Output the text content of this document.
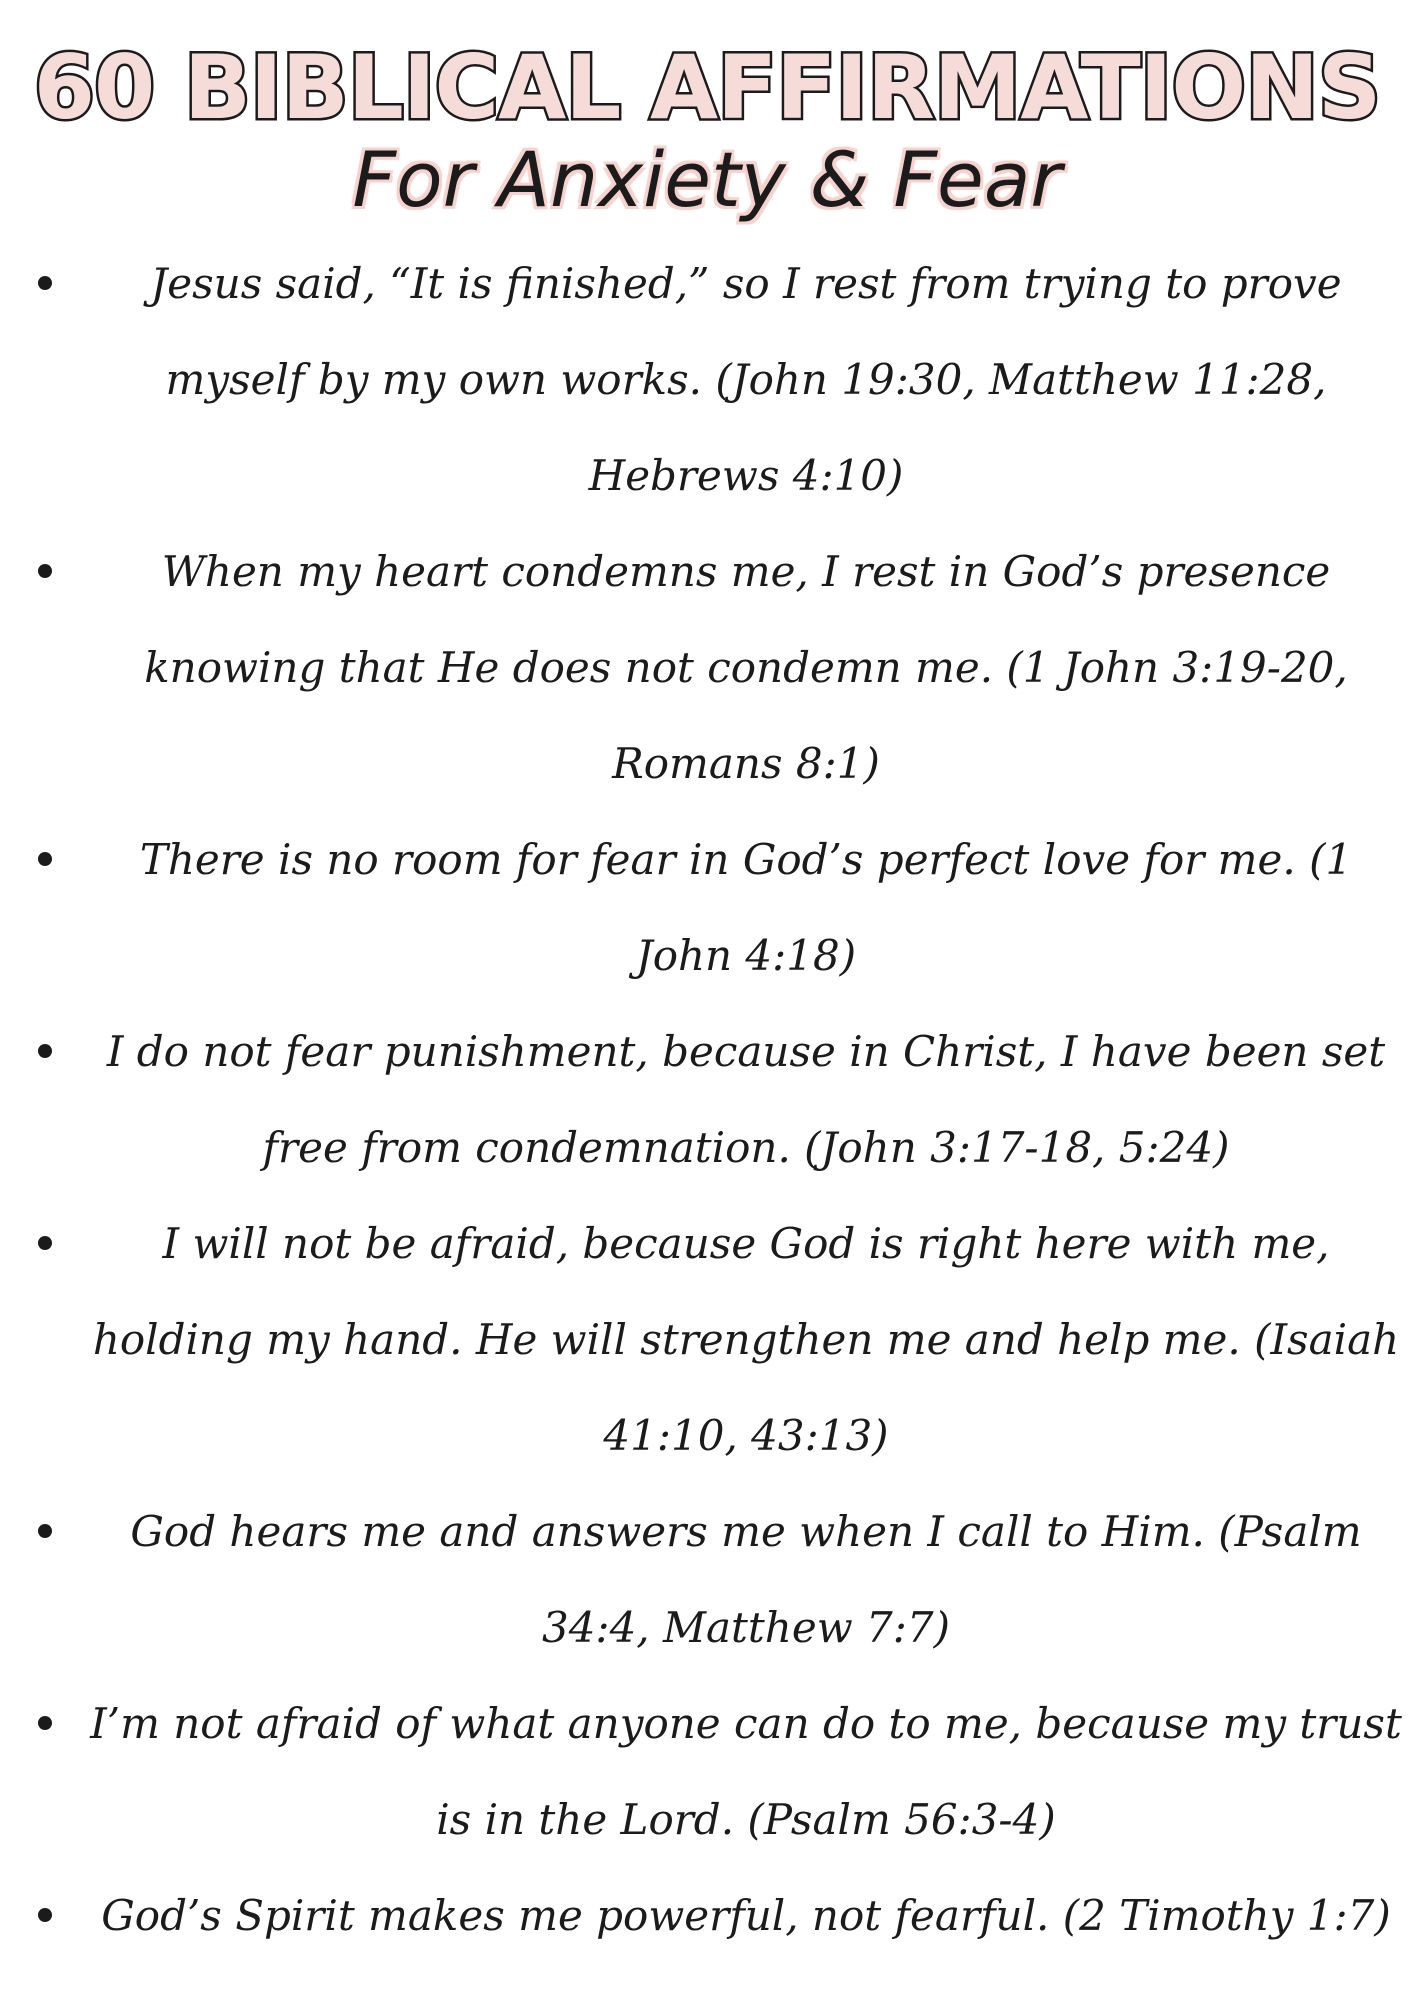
60 BIBLICAL AFFIRMATIONS
For Anxiety & Fear
Jesus said, “It is finished,” so I rest from trying to prove myself by my own works. (John 19:30, Matthew 11:28, Hebrews 4:10)
When my heart condemns me, I rest in God’s presence knowing that He does not condemn me. (1 John 3:19-20, Romans 8:1)
There is no room for fear in God’s perfect love for me. (1 John 4:18)
I do not fear punishment, because in Christ, I have been set free from condemnation. (John 3:17-18, 5:24)
I will not be afraid, because God is right here with me, holding my hand. He will strengthen me and help me. (Isaiah 41:10, 43:13)
God hears me and answers me when I call to Him. (Psalm 34:4, Matthew 7:7)
I’m not afraid of what anyone can do to me, because my trust is in the Lord. (Psalm 56:3-4)
God’s Spirit makes me powerful, not fearful. (2 Timothy 1:7)
